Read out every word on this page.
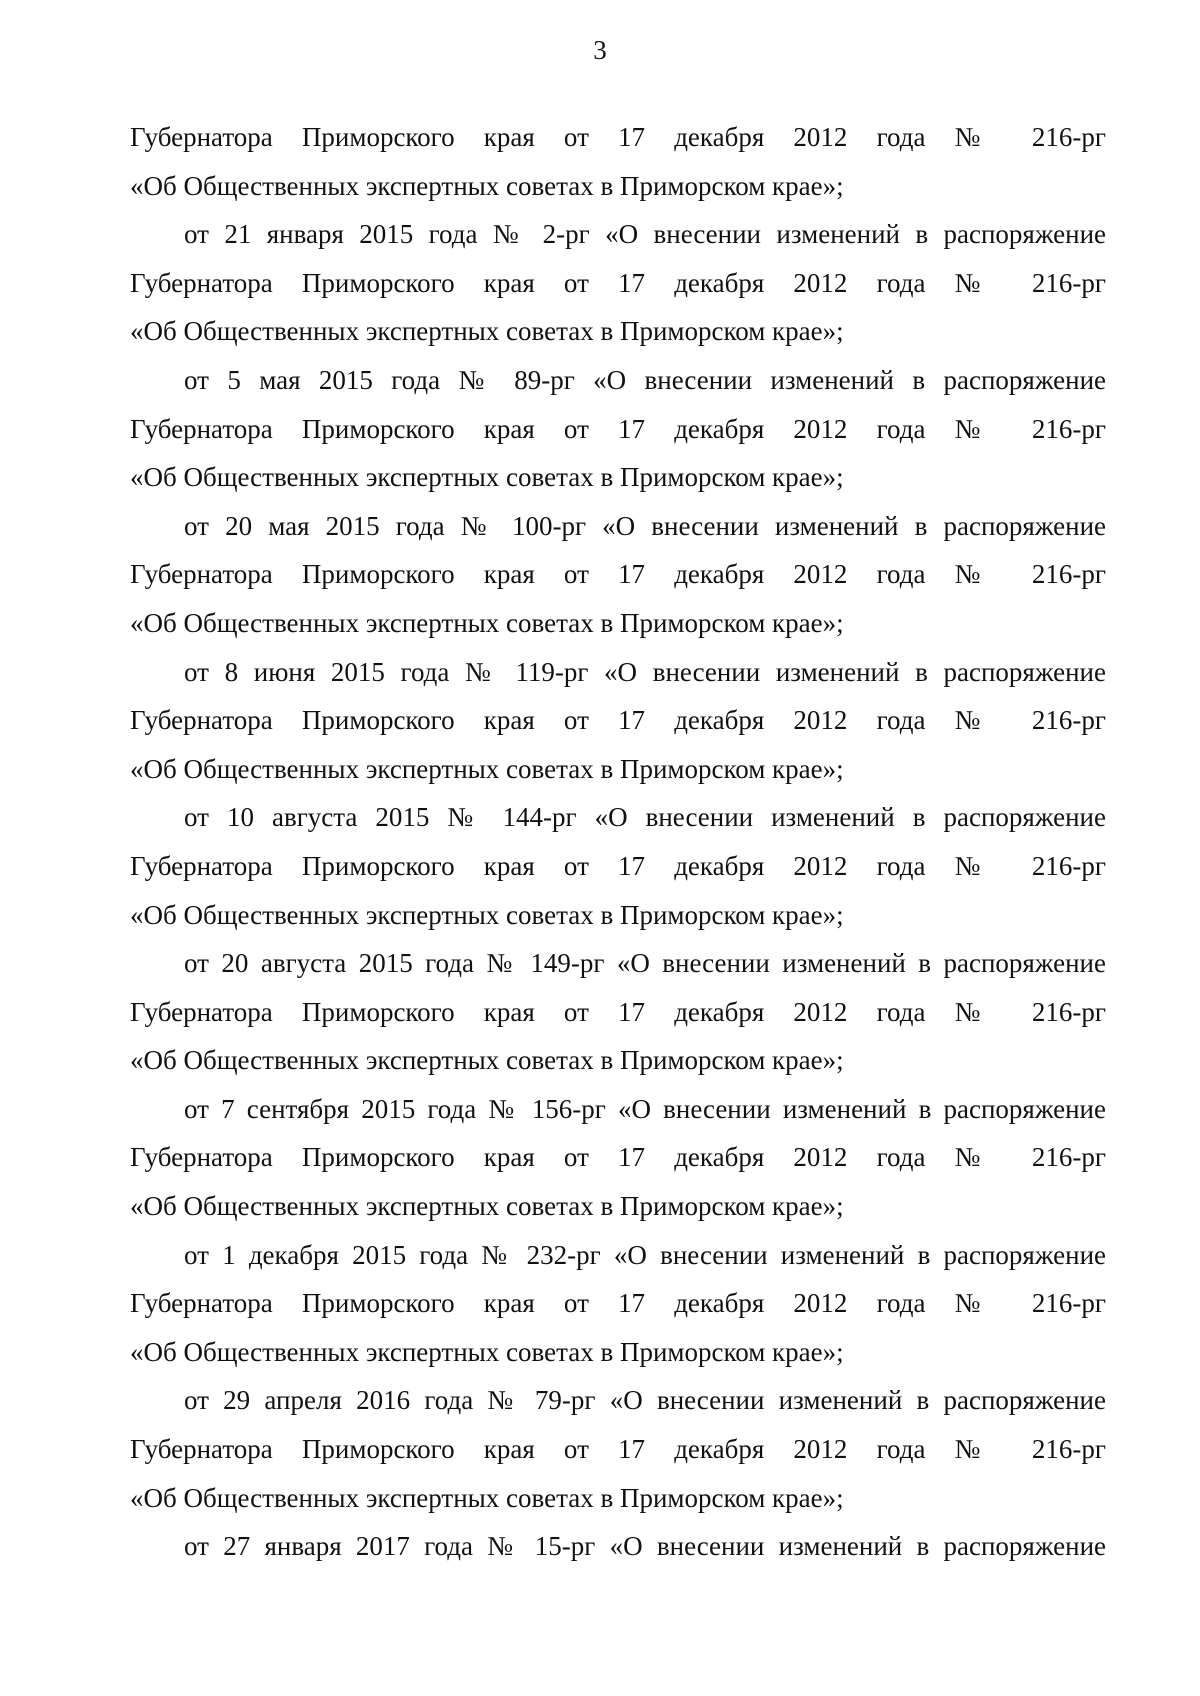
3
Губернатора Приморского края от 17 декабря 2012 года № 216-рг
«Об Общественных экспертных советах в Приморском крае»;
от 21 января 2015 года № 2-рг «О внесении изменений в распоряжение
Губернатора Приморского края от 17 декабря 2012 года № 216-рг
«Об Общественных экспертных советах в Приморском крае»;
от 5 мая 2015 года № 89-рг «О внесении изменений в распоряжение
Губернатора Приморского края от 17 декабря 2012 года № 216-рг
«Об Общественных экспертных советах в Приморском крае»;
от 20 мая 2015 года № 100-рг «О внесении изменений в распоряжение
Губернатора Приморского края от 17 декабря 2012 года № 216-рг
«Об Общественных экспертных советах в Приморском крае»;
от 8 июня 2015 года № 119-рг «О внесении изменений в распоряжение
Губернатора Приморского края от 17 декабря 2012 года № 216-рг
«Об Общественных экспертных советах в Приморском крае»;
от 10 августа 2015 № 144-рг «О внесении изменений в распоряжение
Губернатора Приморского края от 17 декабря 2012 года № 216-рг
«Об Общественных экспертных советах в Приморском крае»;
от 20 августа 2015 года № 149-рг «О внесении изменений в распоряжение
Губернатора Приморского края от 17 декабря 2012 года № 216-рг
«Об Общественных экспертных советах в Приморском крае»;
от 7 сентября 2015 года № 156-рг «О внесении изменений в распоряжение
Губернатора Приморского края от 17 декабря 2012 года № 216-рг
«Об Общественных экспертных советах в Приморском крае»;
от 1 декабря 2015 года № 232-рг «О внесении изменений в распоряжение
Губернатора Приморского края от 17 декабря 2012 года № 216-рг
«Об Общественных экспертных советах в Приморском крае»;
от 29 апреля 2016 года № 79-рг «О внесении изменений в распоряжение
Губернатора Приморского края от 17 декабря 2012 года № 216-рг
«Об Общественных экспертных советах в Приморском крае»;
от 27 января 2017 года № 15-рг «О внесении изменений в распоряжение
